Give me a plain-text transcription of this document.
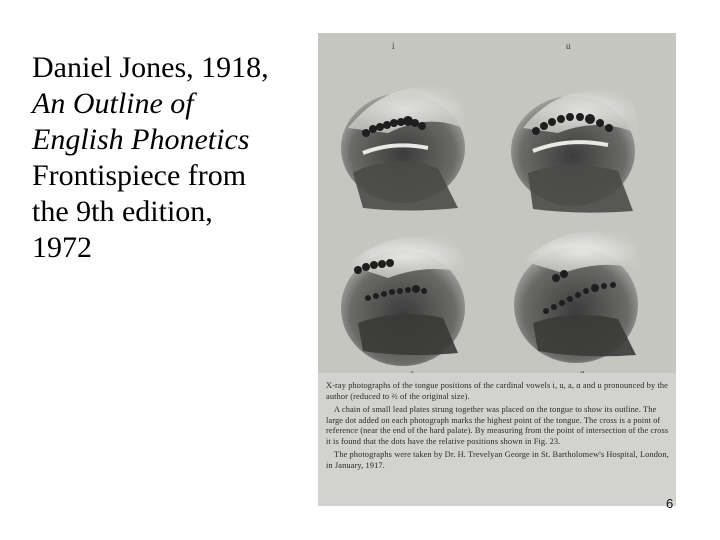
Daniel Jones, 1918,
An Outline of
English Phonetics
Frontispiece from
the 9th edition,
1972
i	u

X-ray photographs of the tongue positions of the cardinal vowels i, u, a, ɑ and u pronounced by the author (reduced to ⅔ of the original size).

A chain of small lead plates strung together was placed on the tongue to show its outline. The large dot added on each photograph marks the highest point of the tongue. The cross is a point of reference (near the end of the hard palate). By measuring from the point of intersection of the cross it is found that the dots have the relative positions shown in Fig. 23.

The photographs were taken by Dr. H. Trevelyan George in St. Bartholomew's Hospital, London, in January, 1917.

6
